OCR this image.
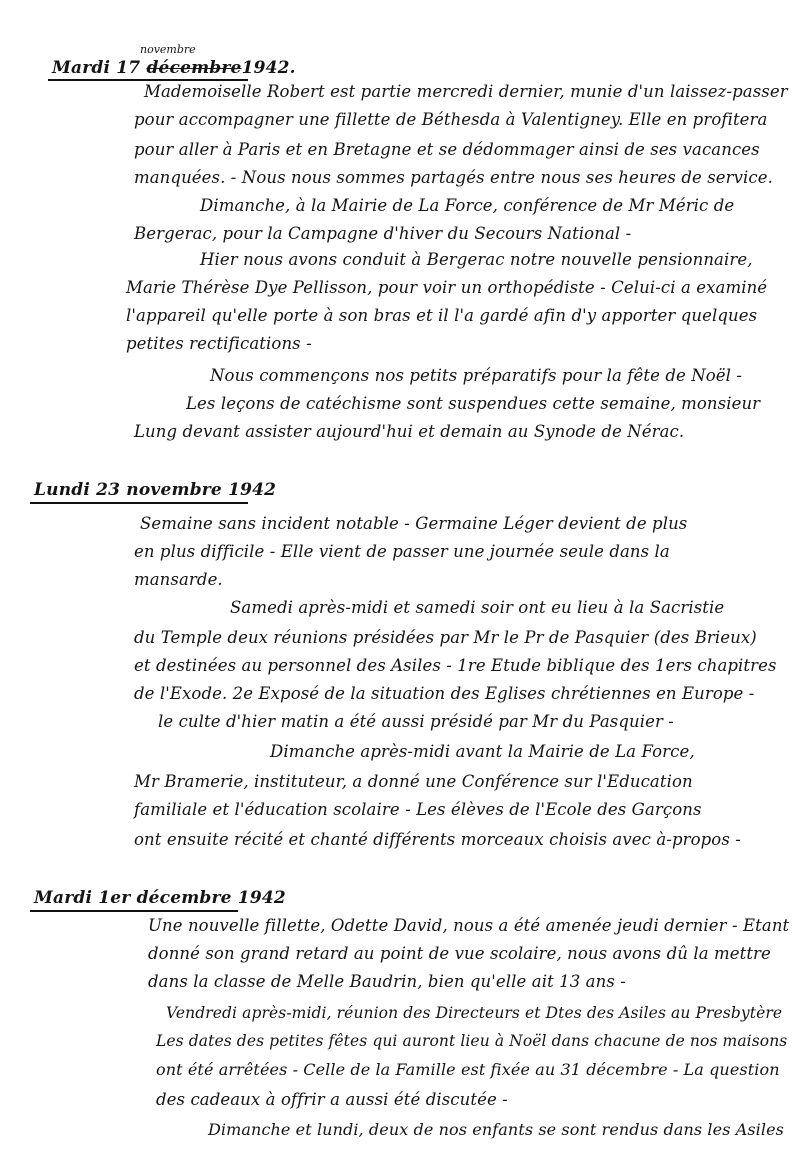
novembre
Mardi 17 décembre1942.
Mademoiselle Robert est partie mercredi dernier, munie d'un laissez-passer
pour accompagner une fillette de Béthesda à Valentigney. Elle en profitera
pour aller à Paris et en Bretagne et se dédommager ainsi de ses vacances
manquées. - Nous nous sommes partagés entre nous ses heures de service.
Dimanche, à la Mairie de La Force, conférence de Mr Méric de
Bergerac, pour la Campagne d'hiver du Secours National -
Hier nous avons conduit à Bergerac notre nouvelle pensionnaire,
Marie Thérèse Dye Pellisson, pour voir un orthopédiste - Celui-ci a examiné
l'appareil qu'elle porte à son bras et il l'a gardé afin d'y apporter quelques
petites rectifications -
Nous commençons nos petits préparatifs pour la fête de Noël -
Les leçons de catéchisme sont suspendues cette semaine, monsieur
Lung devant assister aujourd'hui et demain au Synode de Nérac.
Lundi 23 novembre 1942
Semaine sans incident notable - Germaine Léger devient de plus
en plus difficile - Elle vient de passer une journée seule dans la
mansarde.
Samedi après-midi et samedi soir ont eu lieu à la Sacristie
du Temple deux réunions présidées par Mr le Pr de Pasquier (des Brieux)
et destinées au personnel des Asiles - 1re Etude biblique des 1ers chapitres
de l'Exode. 2e Exposé de la situation des Eglises chrétiennes en Europe -
le culte d'hier matin a été aussi présidé par Mr du Pasquier -
Dimanche après-midi avant la Mairie de La Force,
Mr Bramerie, instituteur, a donné une Conférence sur l'Education
familiale et l'éducation scolaire - Les élèves de l'Ecole des Garçons
ont ensuite récité et chanté différents morceaux choisis avec à-propos -
Mardi 1er décembre 1942
Une nouvelle fillette, Odette David, nous a été amenée jeudi dernier - Etant
donné son grand retard au point de vue scolaire, nous avons dû la mettre
dans la classe de Melle Baudrin, bien qu'elle ait 13 ans -
Vendredi après-midi, réunion des Directeurs et Dtes des Asiles au Presbytère
Les dates des petites fêtes qui auront lieu à Noël dans chacune de nos maisons
ont été arrêtées - Celle de la Famille est fixée au 31 décembre - La question
des cadeaux à offrir a aussi été discutée -
Dimanche et lundi, deux de nos enfants se sont rendus dans les Asiles
